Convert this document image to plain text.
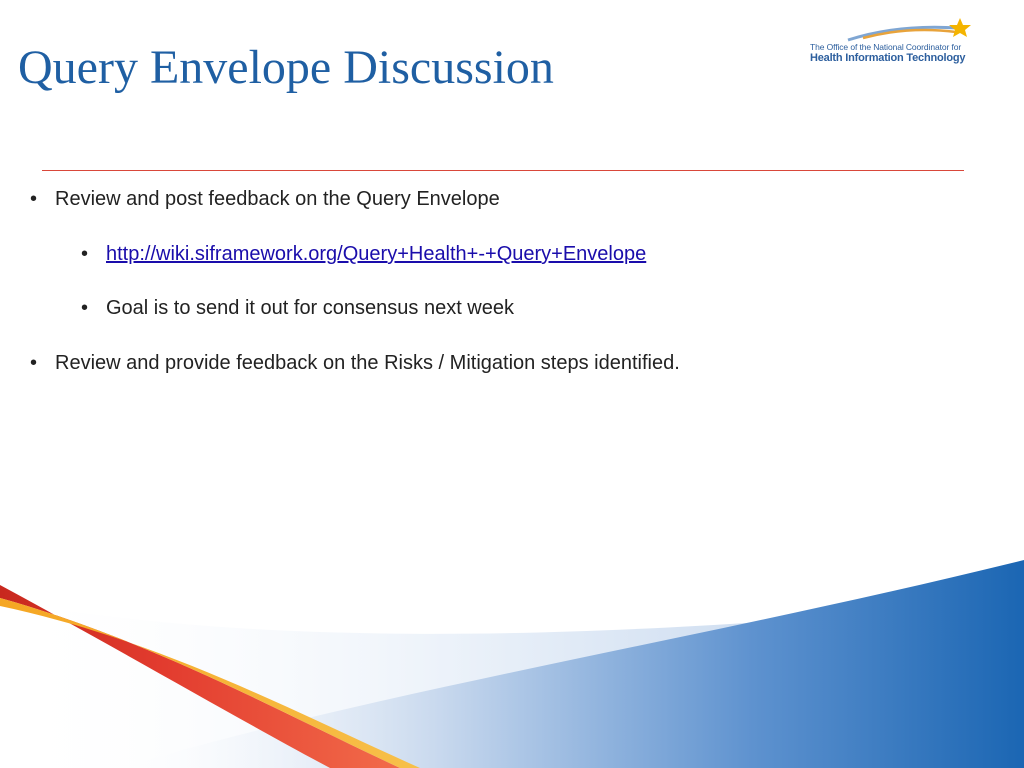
Query Envelope Discussion	The Office of the National Coordinator for
Health Information Technology
• Review and post feedback on the Query Envelope
• http://wiki.siframework.org/Query+Health+-+Query+Envelope
• Goal is to send it out for consensus next week
• Review and provide feedback on the Risks / Mitigation steps identified.
